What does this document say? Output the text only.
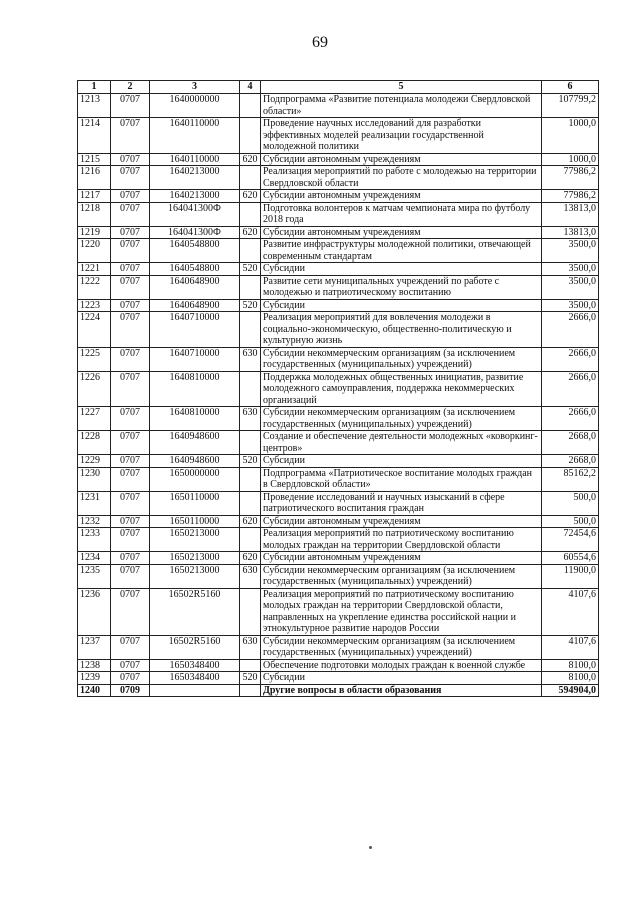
69
1	2	3	4	5	6
1213	0707	1640000000		Подпрограмма «Развитие потенциала молодежи Свердловской области»	107799,2
1214	0707	1640110000		Проведение научных исследований для разработки эффективных моделей реализации государственной молодежной политики	1000,0
1215	0707	1640110000	620	Субсидии автономным учреждениям	1000,0
1216	0707	1640213000		Реализация мероприятий по работе с молодежью на территории Свердловской области	77986,2
1217	0707	1640213000	620	Субсидии автономным учреждениям	77986,2
1218	0707	164041300Ф		Подготовка волонтеров к матчам чемпионата мира по футболу 2018 года	13813,0
1219	0707	164041300Ф	620	Субсидии автономным учреждениям	13813,0
1220	0707	1640548800		Развитие инфраструктуры молодежной политики, отвечающей современным стандартам	3500,0
1221	0707	1640548800	520	Субсидии	3500,0
1222	0707	1640648900		Развитие сети муниципальных учреждений по работе с молодежью и патриотическому воспитанию	3500,0
1223	0707	1640648900	520	Субсидии	3500,0
1224	0707	1640710000		Реализация мероприятий для вовлечения молодежи в социально-экономическую, общественно-политическую и культурную жизнь	2666,0
1225	0707	1640710000	630	Субсидии некоммерческим организациям (за исключением государственных (муниципальных) учреждений)	2666,0
1226	0707	1640810000		Поддержка молодежных общественных инициатив, развитие молодежного самоуправления, поддержка некоммерческих организаций	2666,0
1227	0707	1640810000	630	Субсидии некоммерческим организациям (за исключением государственных (муниципальных) учреждений)	2666,0
1228	0707	1640948600		Создание и обеспечение деятельности молодежных «коворкинг-центров»	2668,0
1229	0707	1640948600	520	Субсидии	2668,0
1230	0707	1650000000		Подпрограмма «Патриотическое воспитание молодых граждан в Свердловской области»	85162,2
1231	0707	1650110000		Проведение исследований и научных изысканий в сфере патриотического воспитания граждан	500,0
1232	0707	1650110000	620	Субсидии автономным учреждениям	500,0
1233	0707	1650213000		Реализация мероприятий по патриотическому воспитанию молодых граждан на территории Свердловской области	72454,6
1234	0707	1650213000	620	Субсидии автономным учреждениям	60554,6
1235	0707	1650213000	630	Субсидии некоммерческим организациям (за исключением государственных (муниципальных) учреждений)	11900,0
1236	0707	16502R5160		Реализация мероприятий по патриотическому воспитанию молодых граждан на территории Свердловской области, направленных на укрепление единства российской нации и этнокультурное развитие народов России	4107,6
1237	0707	16502R5160	630	Субсидии некоммерческим организациям (за исключением государственных (муниципальных) учреждений)	4107,6
1238	0707	1650348400		Обеспечение подготовки молодых граждан к военной службе	8100,0
1239	0707	1650348400	520	Субсидии	8100,0
1240	0709			Другие вопросы в области образования	594904,0
